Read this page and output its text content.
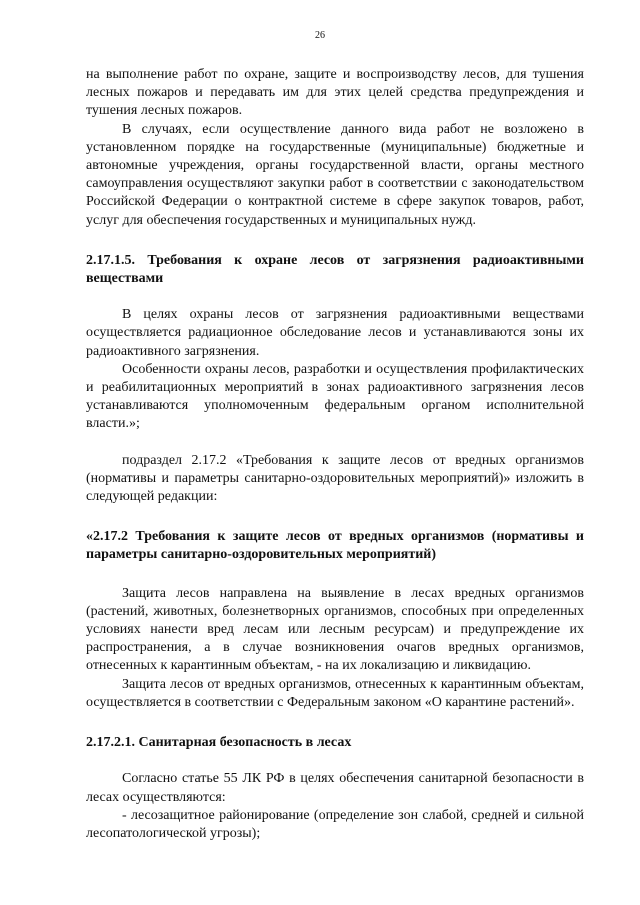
26

на выполнение работ по охране, защите и воспроизводству лесов, для тушения лесных пожаров и передавать им для этих целей средства предупреждения и тушения лесных пожаров.

В случаях, если осуществление данного вида работ не возложено в установленном порядке на государственные (муниципальные) бюджетные и автономные учреждения, органы государственной власти, органы местного самоуправления осуществляют закупки работ в соответствии с законодательством Российской Федерации о контрактной системе в сфере закупок товаров, работ, услуг для обеспечения государственных и муниципальных нужд.

2.17.1.5. Требования к охране лесов от загрязнения радиоактивными веществами

В целях охраны лесов от загрязнения радиоактивными веществами осуществляется радиационное обследование лесов и устанавливаются зоны их радиоактивного загрязнения.

Особенности охраны лесов, разработки и осуществления профилактических и реабилитационных мероприятий в зонах радиоактивного загрязнения лесов устанавливаются уполномоченным федеральным органом исполнительной власти.»;

подраздел 2.17.2 «Требования к защите лесов от вредных организмов (нормативы и параметры санитарно-оздоровительных мероприятий)» изложить в следующей редакции:

«2.17.2 Требования к защите лесов от вредных организмов (нормативы и параметры санитарно-оздоровительных мероприятий)

Защита лесов направлена на выявление в лесах вредных организмов (растений, животных, болезнетворных организмов, способных при определенных условиях нанести вред лесам или лесным ресурсам) и предупреждение их распространения, а в случае возникновения очагов вредных организмов, отнесенных к карантинным объектам, - на их локализацию и ликвидацию.

Защита лесов от вредных организмов, отнесенных к карантинным объектам, осуществляется в соответствии с Федеральным законом «О карантине растений».

2.17.2.1. Санитарная безопасность в лесах

Согласно статье 55 ЛК РФ в целях обеспечения санитарной безопасности в лесах осуществляются:

- лесозащитное районирование (определение зон слабой, средней и сильной лесопатологической угрозы);
